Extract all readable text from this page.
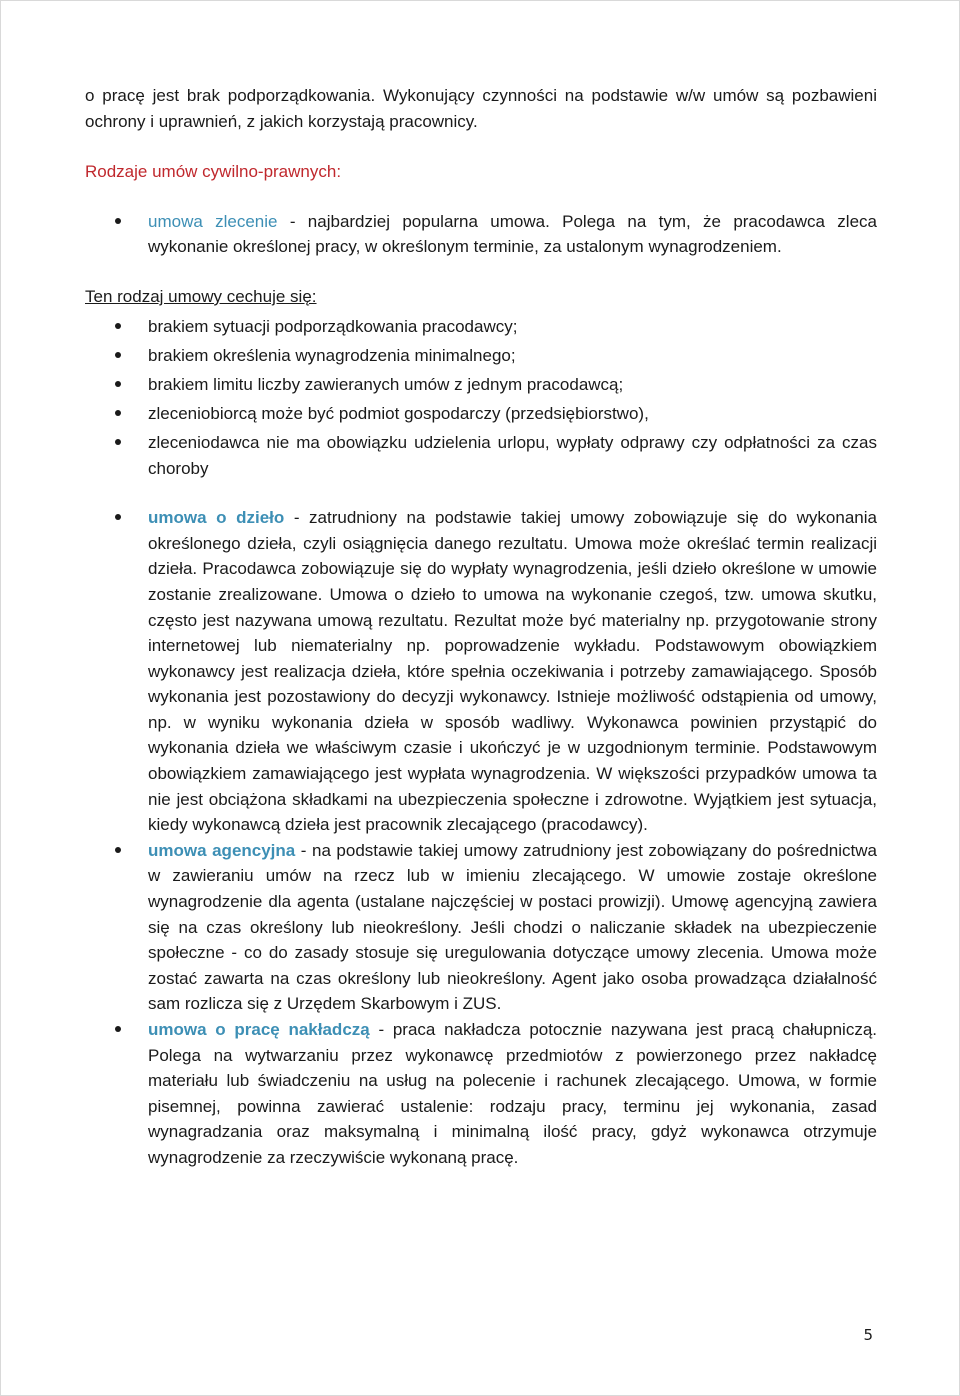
o pracę jest brak podporządkowania. Wykonujący czynności na podstawie w/w umów są pozbawieni ochrony i uprawnień, z jakich korzystają pracownicy.

Rodzaje umów cywilno-prawnych:

umowa zlecenie - najbardziej popularna umowa. Polega na tym, że pracodawca zleca wykonanie określonej pracy, w określonym terminie, za ustalonym wynagrodzeniem.

Ten rodzaj umowy cechuje się:

brakiem sytuacji podporządkowania pracodawcy;
brakiem określenia wynagrodzenia minimalnego;
brakiem limitu liczby zawieranych umów z jednym pracodawcą;
zleceniobiorcą może być podmiot gospodarczy (przedsiębiorstwo),
zleceniodawca nie ma obowiązku udzielenia urlopu, wypłaty odprawy czy odpłatności za czas choroby
umowa o dzieło - zatrudniony na podstawie takiej umowy zobowiązuje się do wykonania określonego dzieła, czyli osiągnięcia danego rezultatu. Umowa może określać termin realizacji dzieła. Pracodawca zobowiązuje się do wypłaty wynagrodzenia, jeśli dzieło określone w umowie zostanie zrealizowane. Umowa o dzieło to umowa na wykonanie czegoś, tzw. umowa skutku, często jest nazywana umową rezultatu. Rezultat może być materialny np. przygotowanie strony internetowej lub niematerialny np. poprowadzenie wykładu. Podstawowym obowiązkiem wykonawcy jest realizacja dzieła, które spełnia oczekiwania i potrzeby zamawiającego. Sposób wykonania jest pozostawiony do decyzji wykonawcy. Istnieje możliwość odstąpienia od umowy, np. w wyniku wykonania dzieła w sposób wadliwy. Wykonawca powinien przystąpić do wykonania dzieła we właściwym czasie i ukończyć je w uzgodnionym terminie. Podstawowym obowiązkiem zamawiającego jest wypłata wynagrodzenia. W większości przypadków umowa ta nie jest obciążona składkami na ubezpieczenia społeczne i zdrowotne. Wyjątkiem jest sytuacja, kiedy wykonawcą dzieła jest pracownik zlecającego (pracodawcy).
umowa agencyjna - na podstawie takiej umowy zatrudniony jest zobowiązany do pośrednictwa w zawieraniu umów na rzecz lub w imieniu zlecającego. W umowie zostaje określone wynagrodzenie dla agenta (ustalane najczęściej w postaci prowizji). Umowę agencyjną zawiera się na czas określony lub nieokreślony. Jeśli chodzi o naliczanie składek na ubezpieczenie społeczne - co do zasady stosuje się uregulowania dotyczące umowy zlecenia. Umowa może zostać zawarta na czas określony lub nieokreślony. Agent jako osoba prowadząca działalność sam rozlicza się z Urzędem Skarbowym i ZUS.
umowa o pracę nakładczą - praca nakładcza potocznie nazywana jest pracą chałupniczą. Polega na wytwarzaniu przez wykonawcę przedmiotów z powierzonego przez nakładcę materiału lub świadczeniu na usług na polecenie i rachunek zlecającego. Umowa, w formie pisemnej, powinna zawierać ustalenie: rodzaju pracy, terminu jej wykonania, zasad wynagradzania oraz maksymalną i minimalną ilość pracy, gdyż wykonawca otrzymuje wynagrodzenie za rzeczywiście wykonaną pracę.
5
